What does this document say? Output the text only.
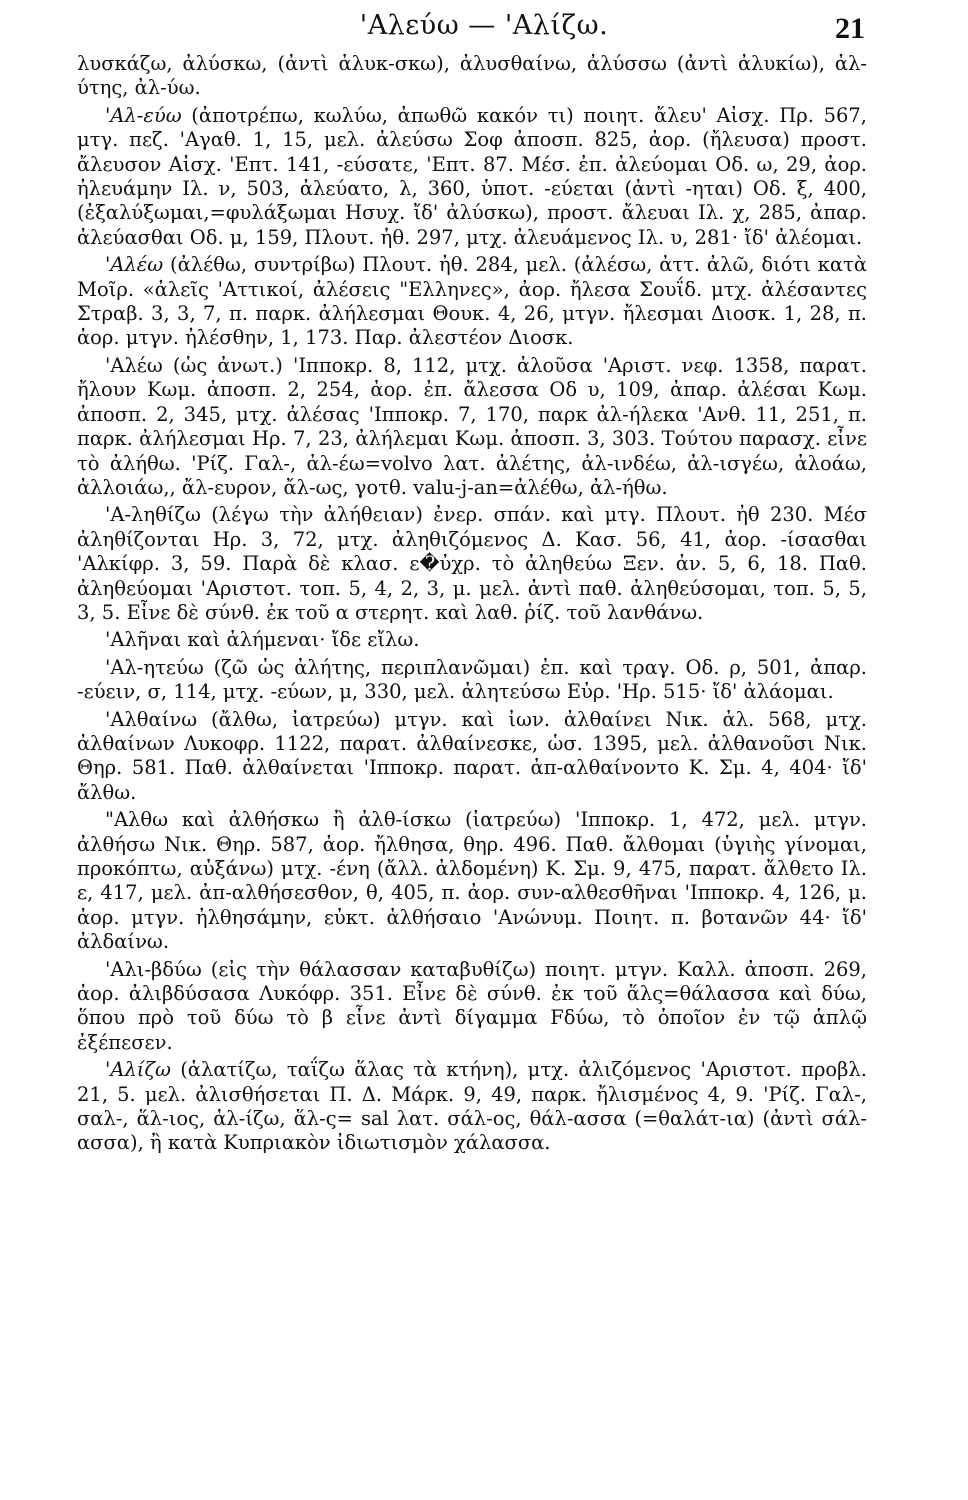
'Αλεύω — 'Αλίζω.	21

λυσκάζω, ἀλύσκω, (ἀντὶ ἀλυκ-σκω), ἀλυσθαίνω, ἀλύσσω (ἀντὶ ἀλυκίω), ἀλ-ύτης, ἀλ-ύω.

'Αλ-εύω (ἀποτρέπω, κωλύω, ἀπωθῶ κακόν τι) ποιητ. ἄλευ' Αἰσχ. Πρ. 567, μτγ. πεζ. 'Αγαθ. 1, 15, μελ. ἀλεύσω Σοφ ἀποσπ. 825, ἀορ. (ἤλευσα) προστ. ἄλευσον Αἰσχ. 'Επτ. 141, -εύσατε, 'Επτ. 87. Μέσ. ἐπ. ἀλεύομαι Οδ. ω, 29, ἀορ. ἠλευάμην Ιλ. ν, 503, ἀλεύατο, λ, 360, ὑποτ. -εύεται (ἀντὶ -ηται) Οδ. ξ, 400, (ἐξαλύξωμαι,=φυλάξωμαι Ησυχ. ἴδ' ἀλύσκω), προστ. ἄλευαι Ιλ. χ, 285, ἀπαρ. ἀλεύασθαι Οδ. μ, 159, Πλουτ. ἠθ. 297, μτχ. ἀλευάμενος Ιλ. υ, 281· ἴδ' ἀλέομαι.

'Αλέω (ἀλέθω, συντρίβω) Πλουτ. ἠθ. 284, μελ. (ἀλέσω, ἀττ. ἀλῶ, διότι κατὰ Μοῖρ. «ἀλεῖς 'Αττικοί, ἀλέσεις "Ελληνες», ἀορ. ἤλεσα Σουΐδ. μτχ. ἀλέσαντες Στραβ. 3, 3, 7, π. παρκ. ἀλήλεσμαι Θουκ. 4, 26, μτγν. ἤλεσμαι Διοσκ. 1, 28, π. ἀορ. μτγν. ἠλέσθην, 1, 173. Παρ. ἀλεστέον Διοσκ.

'Αλέω (ὡς ἀνωτ.) 'Ιπποκρ. 8, 112, μτχ. ἀλοῦσα 'Αριστ. νεφ. 1358, παρατ. ἤλουν Κωμ. ἀποσπ. 2, 254, ἀορ. ἐπ. ἄλεσσα Οδ υ, 109, ἀπαρ. ἀλέσαι Κωμ. ἀποσπ. 2, 345, μτχ. ἀλέσας 'Ιπποκρ. 7, 170, παρκ ἀλ-ήλεκα 'Ανθ. 11, 251, π. παρκ. ἀλήλεσμαι Ηρ. 7, 23, ἀλήλεμαι Κωμ. ἀποσπ. 3, 303. Τούτου παρασχ. εἶνε τὸ ἀλήθω. 'Ρίζ. Γαλ-, ἀλ-έω=volvo λατ. ἀλέτης, ἀλ-ινδέω, ἀλ-ισγέω, ἀλοάω, ἀλλοιάω,, ἄλ-ευρον, ἄλ-ως, γοτθ. valu-j-an=ἀλέθω, ἀλ-ήθω.

'Α-ληθίζω (λέγω τὴν ἀλήθειαν) ἐνερ. σπάν. καὶ μτγ. Πλουτ. ἠθ 230. Μέσ ἀληθίζονται Ηρ. 3, 72, μτχ. ἀληθιζόμενος Δ. Κασ. 56, 41, ἀορ. -ίσασθαι 'Αλκίφρ. 3, 59. Παρὰ δὲ κλασ. ε�ὐχρ. τὸ ἀληθεύω Ξεν. ἀν. 5, 6, 18. Παθ. ἀληθεύομαι 'Αριστοτ. τοπ. 5, 4, 2, 3, μ. μελ. ἀντὶ παθ. ἀληθεύσομαι, τοπ. 5, 5, 3, 5. Εἶνε δὲ σύνθ. ἐκ τοῦ α στερητ. καὶ λαθ. ῥίζ. τοῦ λανθάνω.

'Αλῆναι καὶ ἀλήμεναι· ἴδε εἴλω.

'Αλ-ητεύω (ζῶ ὡς ἀλήτης, περιπλανῶμαι) ἐπ. καὶ τραγ. Οδ. ρ, 501, ἀπαρ. -εύειν, σ, 114, μτχ. -εύων, μ, 330, μελ. ἀλητεύσω Εὐρ. 'Ηρ. 515· ἴδ' ἀλάομαι.

'Αλθαίνω (ἄλθω, ἰατρεύω) μτγν. καὶ ἰων. ἀλθαίνει Νικ. ἀλ. 568, μτχ. ἀλθαίνων Λυκοφρ. 1122, παρατ. ἀλθαίνεσκε, ὡσ. 1395, μελ. ἀλθανοῦσι Νικ. Θηρ. 581. Παθ. ἀλθαίνεται 'Ιπποκρ. παρατ. ἀπ-αλθαίνοντο Κ. Σμ. 4, 404· ἴδ' ἄλθω.

"Αλθω καὶ ἀλθήσκω ἢ ἀλθ-ίσκω (ἰατρεύω) 'Ιπποκρ. 1, 472, μελ. μτγν. ἀλθήσω Νικ. Θηρ. 587, ἀορ. ἤλθησα, θηρ. 496. Παθ. ἄλθομαι (ὑγιὴς γίνομαι, προκόπτω, αὐξάνω) μτχ. -ένη (ἄλλ. ἀλδομένη) Κ. Σμ. 9, 475, παρατ. ἄλθετο Ιλ. ε, 417, μελ. ἀπ-αλθήσεσθον, θ, 405, π. ἀορ. συν-αλθεσθῆναι 'Ιπποκρ. 4, 126, μ. ἀορ. μτγν. ἠλθησάμην, εὐκτ. ἀλθήσαιο 'Ανώνυμ. Ποιητ. π. βοτανῶν 44· ἴδ' ἀλδαίνω.

'Αλι-βδύω (εἰς τὴν θάλασσαν καταβυθίζω) ποιητ. μτγν. Καλλ. ἀποσπ. 269, ἀορ. ἀλιβδύσασα Λυκόφρ. 351. Εἶνε δὲ σύνθ. ἐκ τοῦ ἅλς=θάλασσα καὶ δύω, ὅπου πρὸ τοῦ δύω τὸ β εἶνε ἀντὶ δίγαμμα Fδύω, τὸ ὁποῖον ἐν τῷ ἁπλῷ ἐξέπεσεν.

'Αλίζω (ἁλατίζω, ταΐζω ἅλας τὰ κτήνη), μτχ. ἀλιζόμενος 'Αριστοτ. προβλ. 21, 5. μελ. ἀλισθήσεται Π. Δ. Μάρκ. 9, 49, παρκ. ἤλισμένος 4, 9. 'Ρίζ. Γαλ-, σαλ-, ἅλ-ιος, ἁλ-ίζω, ἅλ-ς= sal λατ. σάλ-ος, θάλ-ασσα (=θαλάτ-ια) (ἀντὶ σάλ-ασσα), ἢ κατὰ Κυπριακὸν ἰδιωτισμὸν χάλασσα.
